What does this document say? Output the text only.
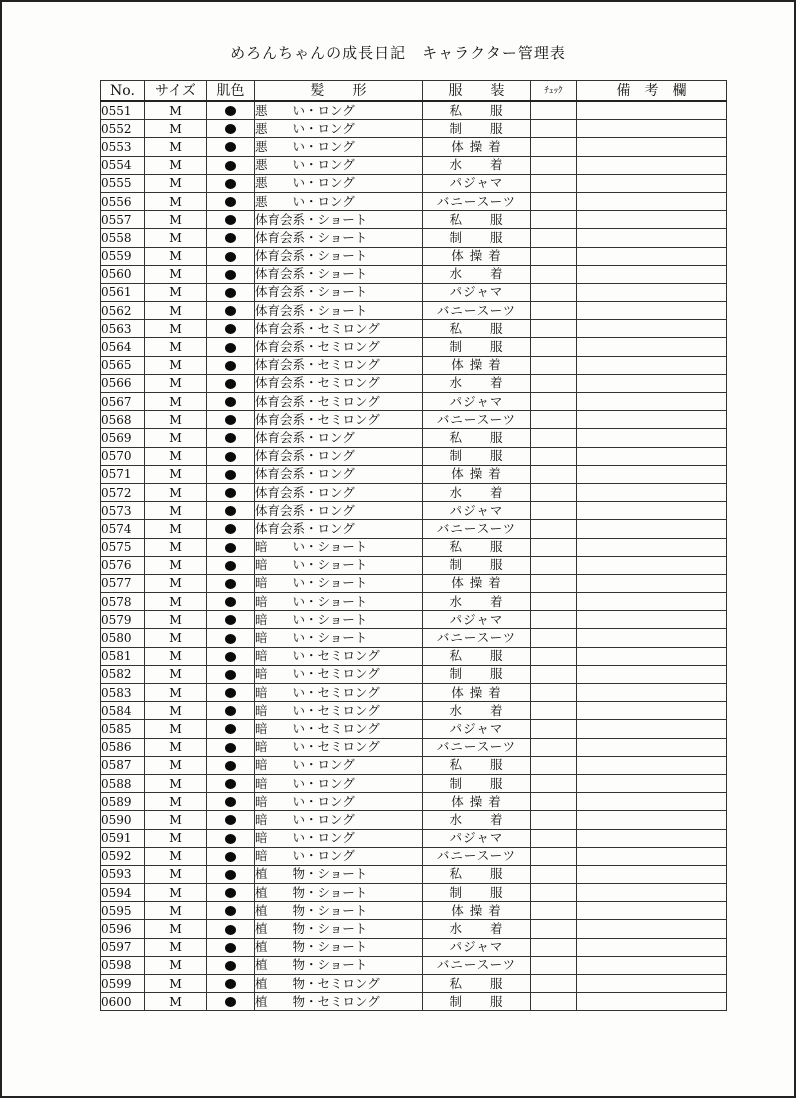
めろんちゃんの成長日記　キャラクター管理表
No.	サイズ	肌色	髪　　形	服　　装	ﾁｪｯｸ	備　考　欄
0551	M		悪　　い・ロング	私　　服		
0552	M		悪　　い・ロング	制　　服		
0553	M		悪　　い・ロング	体 操 着		
0554	M		悪　　い・ロング	水　　着		
0555	M		悪　　い・ロング	パジャマ		
0556	M		悪　　い・ロング	バニースーツ		
0557	M		体育会系・ショート	私　　服		
0558	M		体育会系・ショート	制　　服		
0559	M		体育会系・ショート	体 操 着		
0560	M		体育会系・ショート	水　　着		
0561	M		体育会系・ショート	パジャマ		
0562	M		体育会系・ショート	バニースーツ		
0563	M		体育会系・セミロング	私　　服		
0564	M		体育会系・セミロング	制　　服		
0565	M		体育会系・セミロング	体 操 着		
0566	M		体育会系・セミロング	水　　着		
0567	M		体育会系・セミロング	パジャマ		
0568	M		体育会系・セミロング	バニースーツ		
0569	M		体育会系・ロング	私　　服		
0570	M		体育会系・ロング	制　　服		
0571	M		体育会系・ロング	体 操 着		
0572	M		体育会系・ロング	水　　着		
0573	M		体育会系・ロング	パジャマ		
0574	M		体育会系・ロング	バニースーツ		
0575	M		暗　　い・ショート	私　　服		
0576	M		暗　　い・ショート	制　　服		
0577	M		暗　　い・ショート	体 操 着		
0578	M		暗　　い・ショート	水　　着		
0579	M		暗　　い・ショート	パジャマ		
0580	M		暗　　い・ショート	バニースーツ		
0581	M		暗　　い・セミロング	私　　服		
0582	M		暗　　い・セミロング	制　　服		
0583	M		暗　　い・セミロング	体 操 着		
0584	M		暗　　い・セミロング	水　　着		
0585	M		暗　　い・セミロング	パジャマ		
0586	M		暗　　い・セミロング	バニースーツ		
0587	M		暗　　い・ロング	私　　服		
0588	M		暗　　い・ロング	制　　服		
0589	M		暗　　い・ロング	体 操 着		
0590	M		暗　　い・ロング	水　　着		
0591	M		暗　　い・ロング	パジャマ		
0592	M		暗　　い・ロング	バニースーツ		
0593	M		植　　物・ショート	私　　服		
0594	M		植　　物・ショート	制　　服		
0595	M		植　　物・ショート	体 操 着		
0596	M		植　　物・ショート	水　　着		
0597	M		植　　物・ショート	パジャマ		
0598	M		植　　物・ショート	バニースーツ		
0599	M		植　　物・セミロング	私　　服		
0600	M		植　　物・セミロング	制　　服		
